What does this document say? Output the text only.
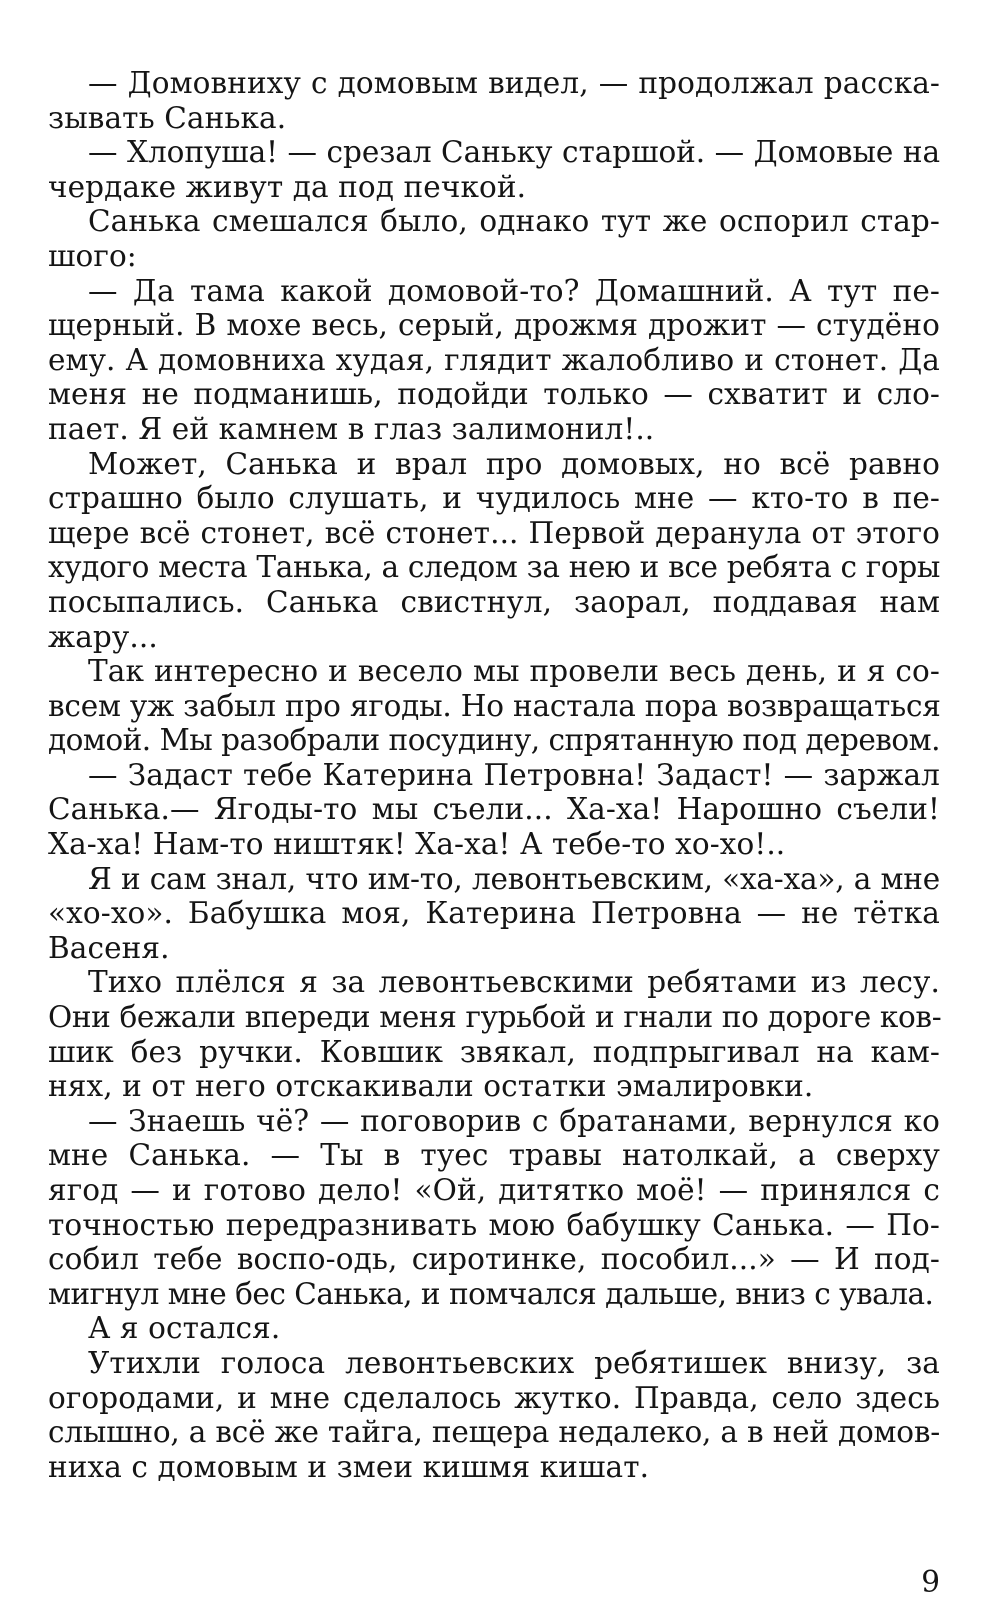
— Домовниху с домовым видел, — продолжал расска-
зывать Санька.
— Хлопуша! — срезал Саньку старшой. — Домовые на
чердаке живут да под печкой.
Санька смешался было, однако тут же оспорил стар-
шого:
— Да тама какой домовой-то? Домашний. А тут пе-
щерный. В мохе весь, серый, дрожмя дрожит — студёно
ему. А домовниха худая, глядит жалобливо и стонет. Да
меня не подманишь, подойди только — схватит и сло-
пает. Я ей камнем в глаз залимонил!..
Может, Санька и врал про домовых, но всё равно
страшно было слушать, и чудилось мне — кто-то в пе-
щере всё стонет, всё стонет... Первой деранула от этого
худого места Танька, а следом за нею и все ребята с горы
посыпались. Санька свистнул, заорал, поддавая нам
жару...
Так интересно и весело мы провели весь день, и я со-
всем уж забыл про ягоды. Но настала пора возвращаться
домой. Мы разобрали посудину, спрятанную под деревом.
— Задаст тебе Катерина Петровна! Задаст! — заржал
Санька.— Ягоды-то мы съели... Ха-ха! Нарошно съели!
Ха-ха! Нам-то ништяк! Ха-ха! А тебе-то хо-хо!..
Я и сам знал, что им-то, левонтьевским, «ха-ха», а мне
«хо-хо». Бабушка моя, Катерина Петровна — не тётка
Васеня.
Тихо плёлся я за левонтьевскими ребятами из лесу.
Они бежали впереди меня гурьбой и гнали по дороге ков-
шик без ручки. Ковшик звякал, подпрыгивал на кам-
нях, и от него отскакивали остатки эмалировки.
— Знаешь чё? — поговорив с братанами, вернулся ко
мне Санька. — Ты в туес травы натолкай, а сверху
ягод — и готово дело! «Ой, дитятко моё! — принялся с
точностью передразнивать мою бабушку Санька. — По-
собил тебе воспо-одь, сиротинке, пособил...» — И под-
мигнул мне бес Санька, и помчался дальше, вниз с увала.
А я остался.
Утихли голоса левонтьевских ребятишек внизу, за
огородами, и мне сделалось жутко. Правда, село здесь
слышно, а всё же тайга, пещера недалеко, а в ней домов-
ниха с домовым и змеи кишмя кишат.
9
